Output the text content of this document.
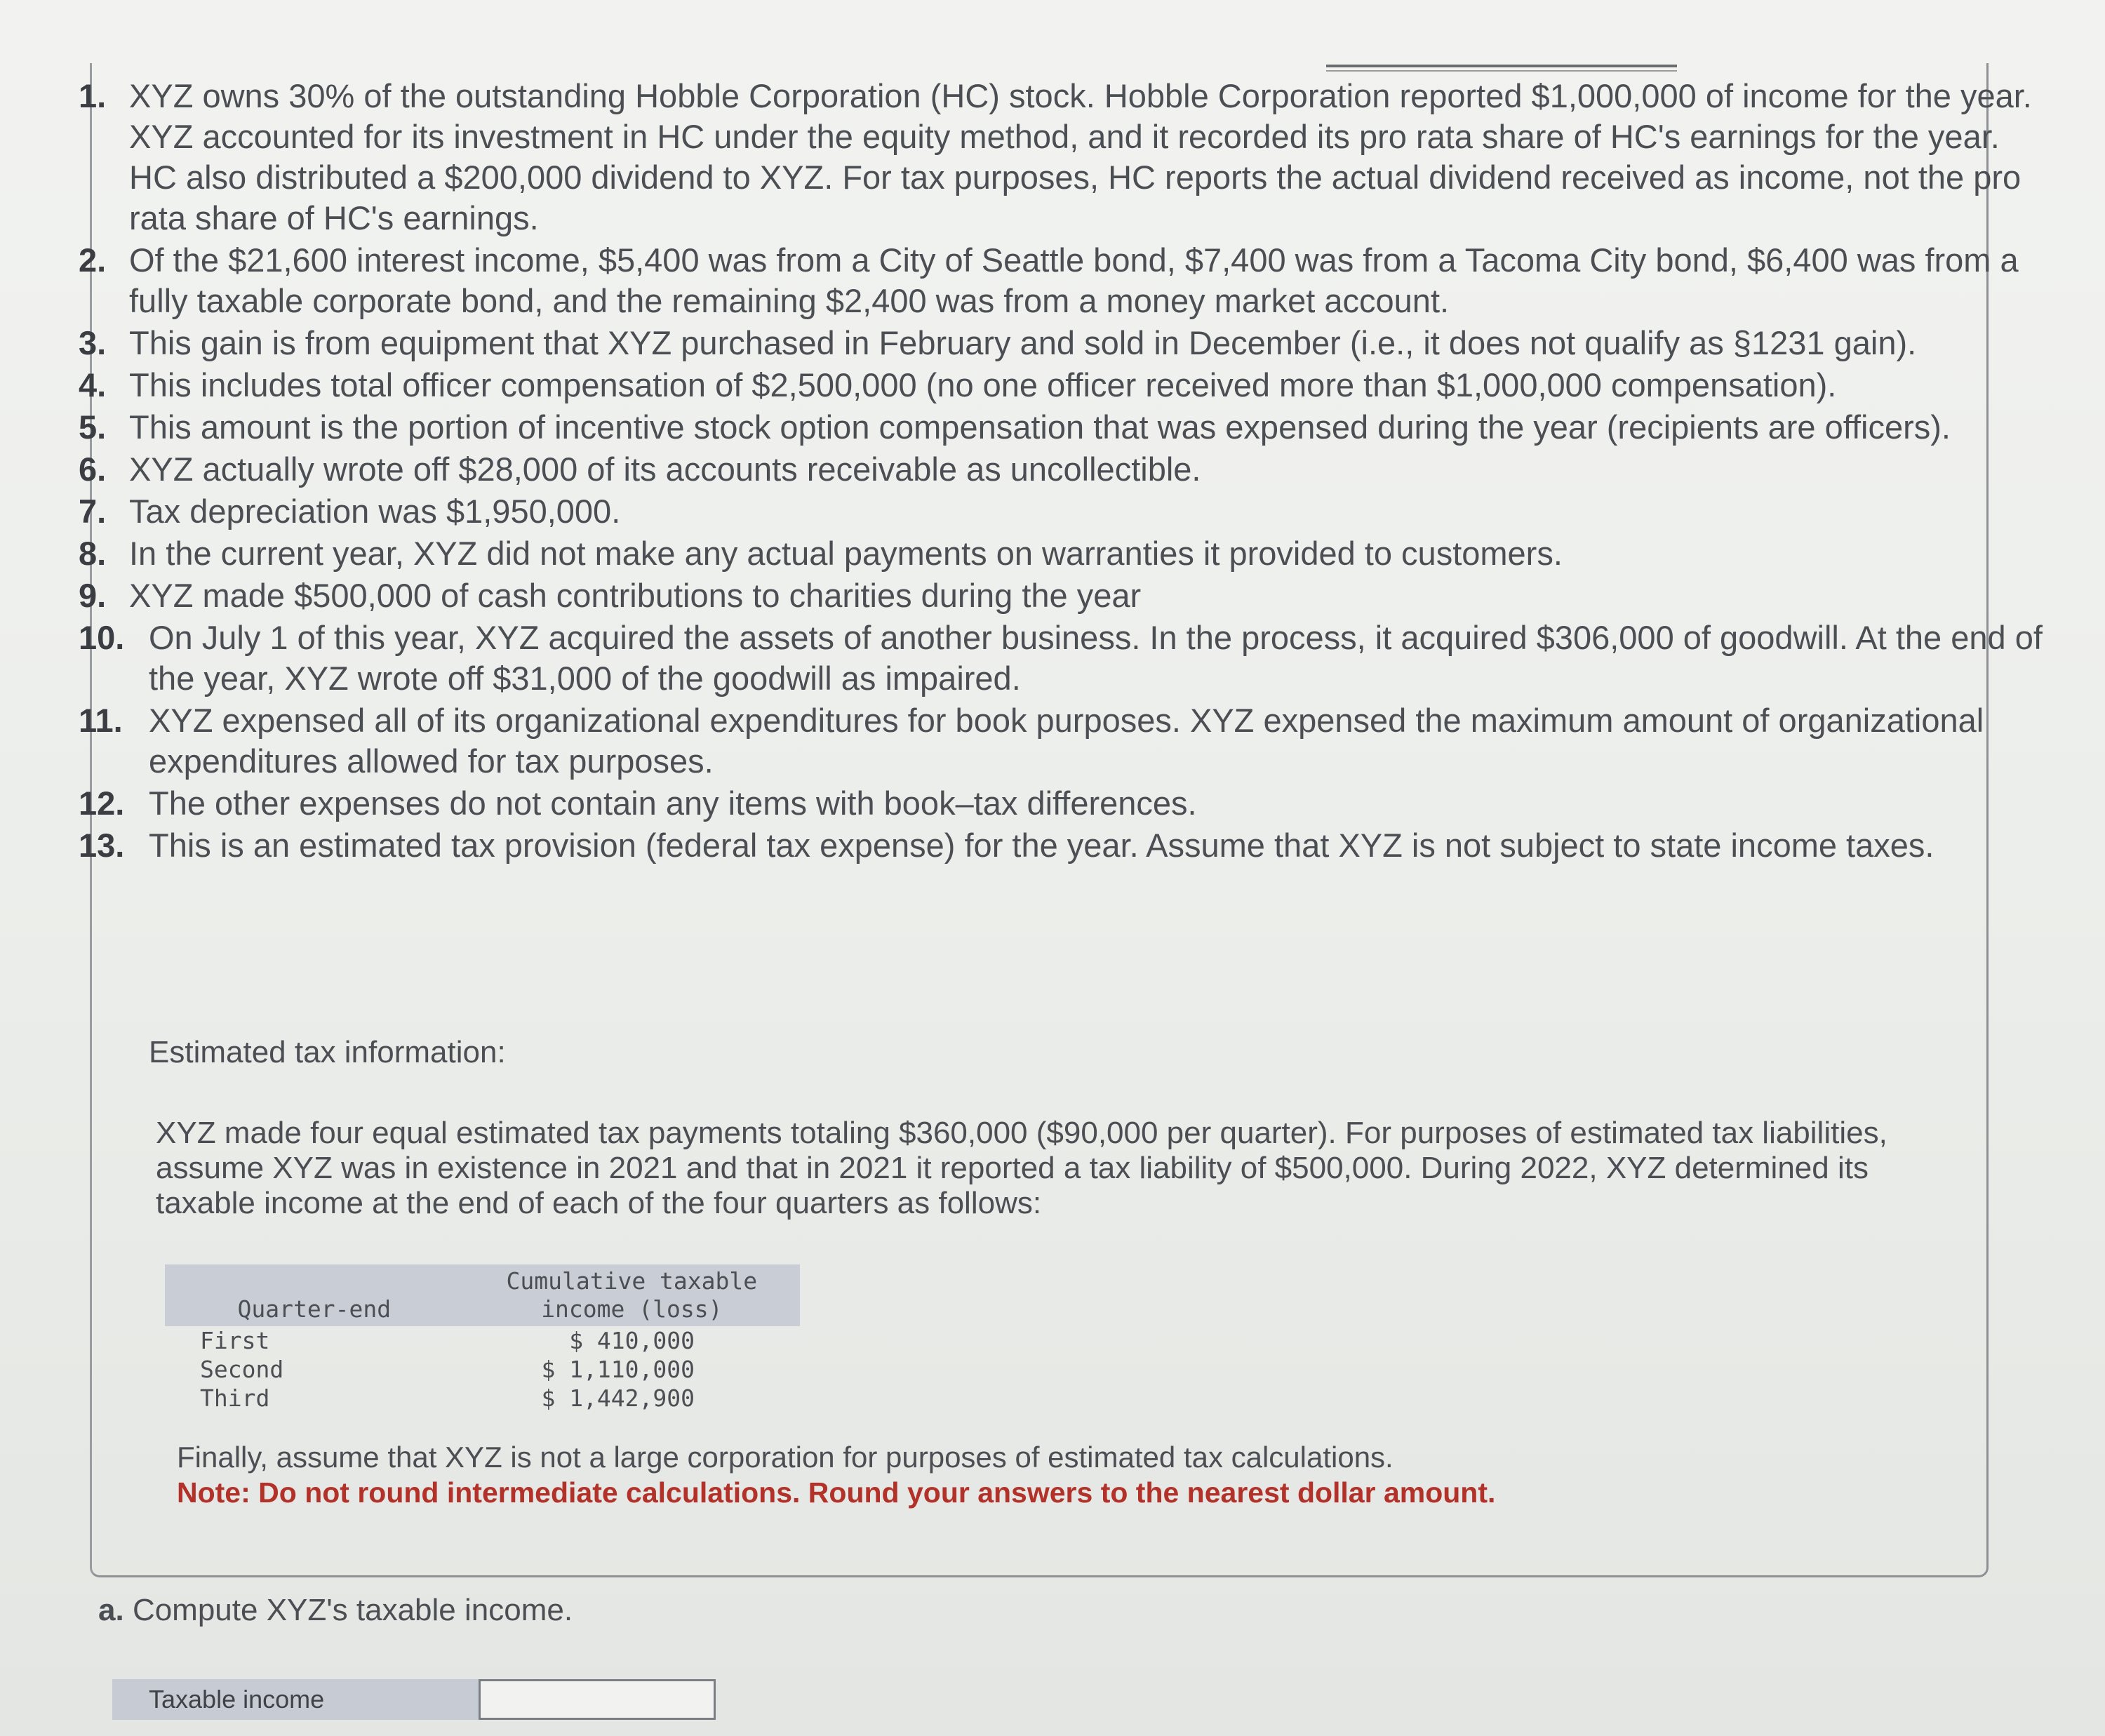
1. XYZ owns 30% of the outstanding Hobble Corporation (HC) stock. Hobble Corporation reported $1,000,000 of income for the year. XYZ accounted for its investment in HC under the equity method, and it recorded its pro rata share of HC's earnings for the year. HC also distributed a $200,000 dividend to XYZ. For tax purposes, HC reports the actual dividend received as income, not the pro rata share of HC's earnings.
2. Of the $21,600 interest income, $5,400 was from a City of Seattle bond, $7,400 was from a Tacoma City bond, $6,400 was from a fully taxable corporate bond, and the remaining $2,400 was from a money market account.
3. This gain is from equipment that XYZ purchased in February and sold in December (i.e., it does not qualify as §1231 gain).
4. This includes total officer compensation of $2,500,000 (no one officer received more than $1,000,000 compensation).
5. This amount is the portion of incentive stock option compensation that was expensed during the year (recipients are officers).
6. XYZ actually wrote off $28,000 of its accounts receivable as uncollectible.
7. Tax depreciation was $1,950,000.
8. In the current year, XYZ did not make any actual payments on warranties it provided to customers.
9. XYZ made $500,000 of cash contributions to charities during the year
10. On July 1 of this year, XYZ acquired the assets of another business. In the process, it acquired $306,000 of goodwill. At the end of the year, XYZ wrote off $31,000 of the goodwill as impaired.
11. XYZ expensed all of its organizational expenditures for book purposes. XYZ expensed the maximum amount of organizational expenditures allowed for tax purposes.
12. The other expenses do not contain any items with book–tax differences.
13. This is an estimated tax provision (federal tax expense) for the year. Assume that XYZ is not subject to state income taxes.
Estimated tax information:
XYZ made four equal estimated tax payments totaling $360,000 ($90,000 per quarter). For purposes of estimated tax liabilities, assume XYZ was in existence in 2021 and that in 2021 it reported a tax liability of $500,000. During 2022, XYZ determined its taxable income at the end of each of the four quarters as follows:
Quarter-end	Cumulative taxable
income (loss)

First	$ 410,000
Second	$ 1,110,000
Third	$ 1,442,900
Finally, assume that XYZ is not a large corporation for purposes of estimated tax calculations.
Note: Do not round intermediate calculations. Round your answers to the nearest dollar amount.
a. Compute XYZ's taxable income.
Taxable income
